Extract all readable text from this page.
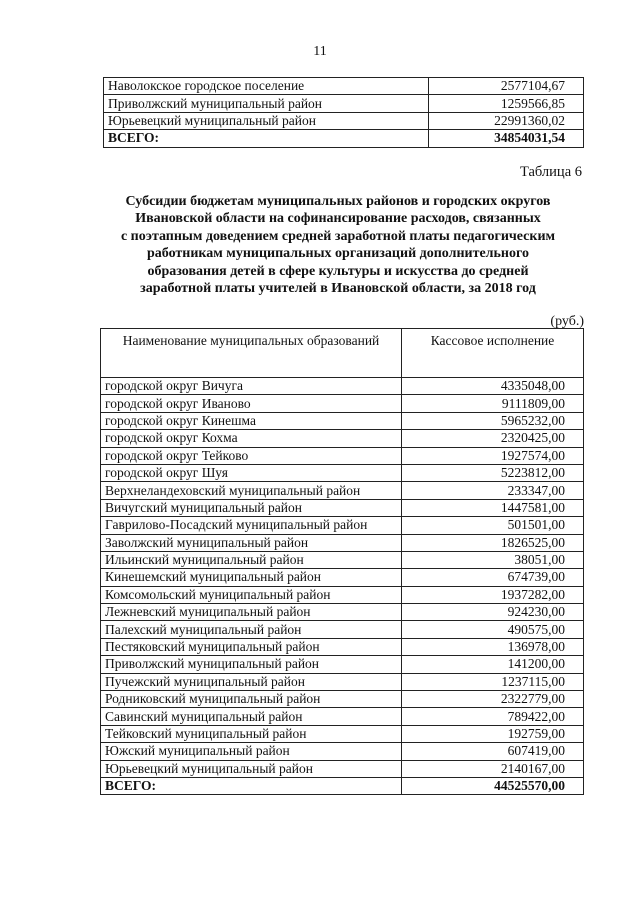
11
Наволокское городское поселение	2577104,67
Приволжский муниципальный район	1259566,85
Юрьевецкий муниципальный район	22991360,02
ВСЕГО:	34854031,54
Таблица 6
Субсидии бюджетам муниципальных районов и городских округов
Ивановской области на софинансирование расходов, связанных
с поэтапным доведением средней заработной платы педагогическим
работникам муниципальных организаций дополнительного
образования детей в сфере культуры и искусства до средней
заработной платы учителей в Ивановской области, за 2018 год
(руб.)
Наименование муниципальных образований	Кассовое исполнение
городской округ Вичуга	4335048,00
городской округ Иваново	9111809,00
городской округ Кинешма	5965232,00
городской округ Кохма	2320425,00
городской округ Тейково	1927574,00
городской округ Шуя	5223812,00
Верхнеландеховский муниципальный район	233347,00
Вичугский муниципальный район	1447581,00
Гаврилово-Посадский муниципальный район	501501,00
Заволжский муниципальный район	1826525,00
Ильинский муниципальный район	38051,00
Кинешемский муниципальный район	674739,00
Комсомольский муниципальный район	1937282,00
Лежневский муниципальный район	924230,00
Палехский муниципальный район	490575,00
Пестяковский муниципальный район	136978,00
Приволжский муниципальный район	141200,00
Пучежский муниципальный район	1237115,00
Родниковский муниципальный район	2322779,00
Савинский муниципальный район	789422,00
Тейковский муниципальный район	192759,00
Южский муниципальный район	607419,00
Юрьевецкий муниципальный район	2140167,00
ВСЕГО:	44525570,00
